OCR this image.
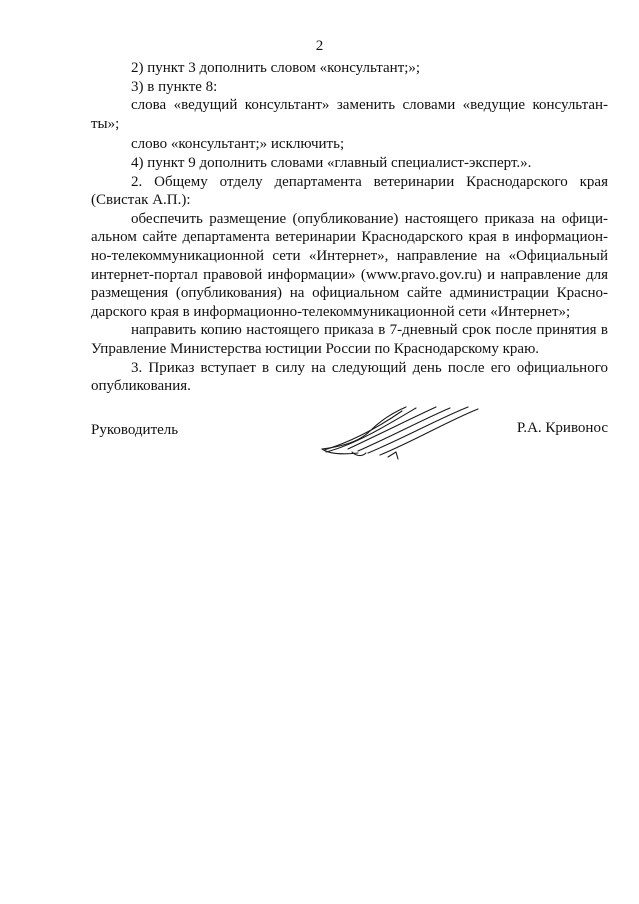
2

2) пункт 3 дополнить словом «консультант;»;

3) в пункте 8:

слова «ведущий консультант» заменить словами «ведущие консультан-ты»;

слово «консультант;» исключить;

4) пункт 9 дополнить словами «главный специалист-эксперт.».

2. Общему отделу департамента ветеринарии Краснодарского края (Свистак А.П.):

обеспечить размещение (опубликование) настоящего приказа на офици-альном сайте департамента ветеринарии Краснодарского края в информацион-но-телекоммуникационной сети «Интернет», направление на «Официальный интернет-портал правовой информации» (www.pravo.gov.ru) и направление для размещения (опубликования) на официальном сайте администрации Красно-дарского края в информационно-телекоммуникационной сети «Интернет»;

направить копию настоящего приказа в 7-дневный срок после принятия в Управление Министерства юстиции России по Краснодарскому краю.

3. Приказ вступает в силу на следующий день после его официального опубликования.

Руководитель	Р.А. Кривонос
